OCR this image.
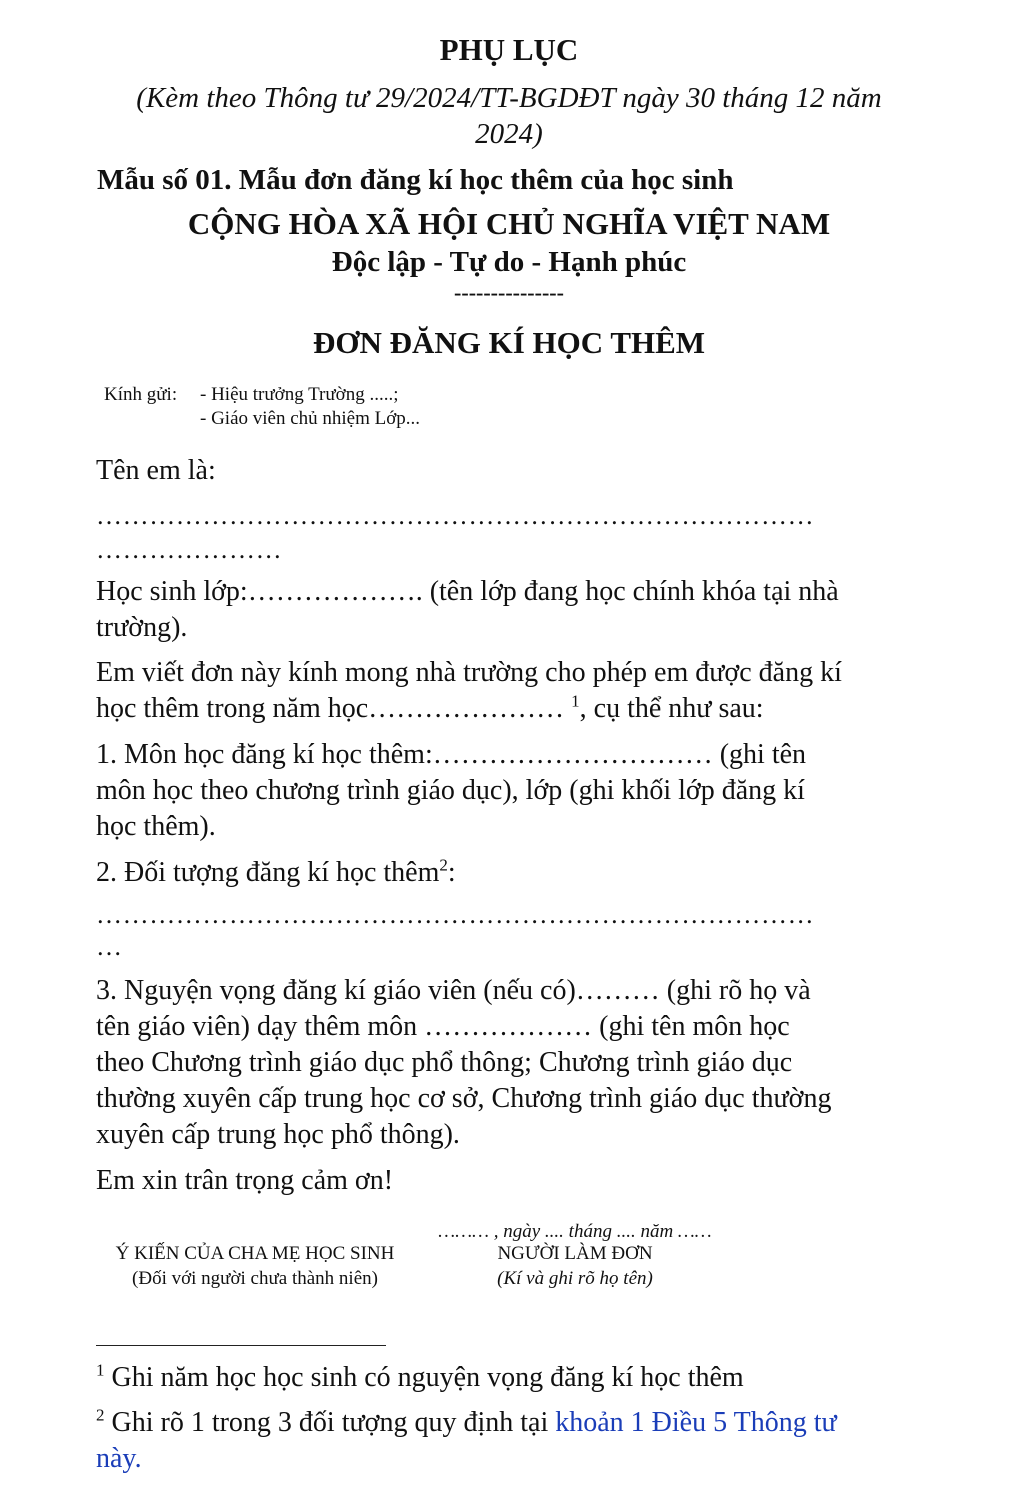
PHỤ LỤC
(Kèm theo Thông tư 29/2024/TT-BGDĐT ngày 30 tháng 12 năm
2024)
Mẫu số 01. Mẫu đơn đăng kí học thêm của học sinh
CỘNG HÒA XÃ HỘI CHỦ NGHĨA VIỆT NAM
Độc lập - Tự do - Hạnh phúc
---------------
ĐƠN ĐĂNG KÍ HỌC THÊM
Kính gửi: - Hiệu trưởng Trường .....;
- Giáo viên chủ nhiệm Lớp...
Tên em là:
………………………………………………………………………
…………………
Học sinh lớp:………………. (tên lớp đang học chính khóa tại nhà
trường).
Em viết đơn này kính mong nhà trường cho phép em được đăng kí
học thêm trong năm học………………… $^1$, cụ thể như sau:
1. Môn học đăng kí học thêm:………………………… (ghi tên
môn học theo chương trình giáo dục), lớp (ghi khối lớp đăng kí
học thêm).
2. Đối tượng đăng kí học thêm$^2$:
………………………………………………………………………
…
3. Nguyện vọng đăng kí giáo viên (nếu có)……… (ghi rõ họ và
tên giáo viên) dạy thêm môn ……………… (ghi tên môn học
theo Chương trình giáo dục phổ thông; Chương trình giáo dục
thường xuyên cấp trung học cơ sở, Chương trình giáo dục thường
xuyên cấp trung học phổ thông).
Em xin trân trọng cảm ơn!
……… , ngày .... tháng .... năm ……
Ý KIẾN CỦA CHA MẸ HỌC SINH
(Đối với người chưa thành niên)
NGƯỜI LÀM ĐƠN
(Kí và ghi rõ họ tên)
$^1$ Ghi năm học học sinh có nguyện vọng đăng kí học thêm
$^2$ Ghi rõ 1 trong 3 đối tượng quy định tại khoản 1 Điều 5 Thông tư
này.
